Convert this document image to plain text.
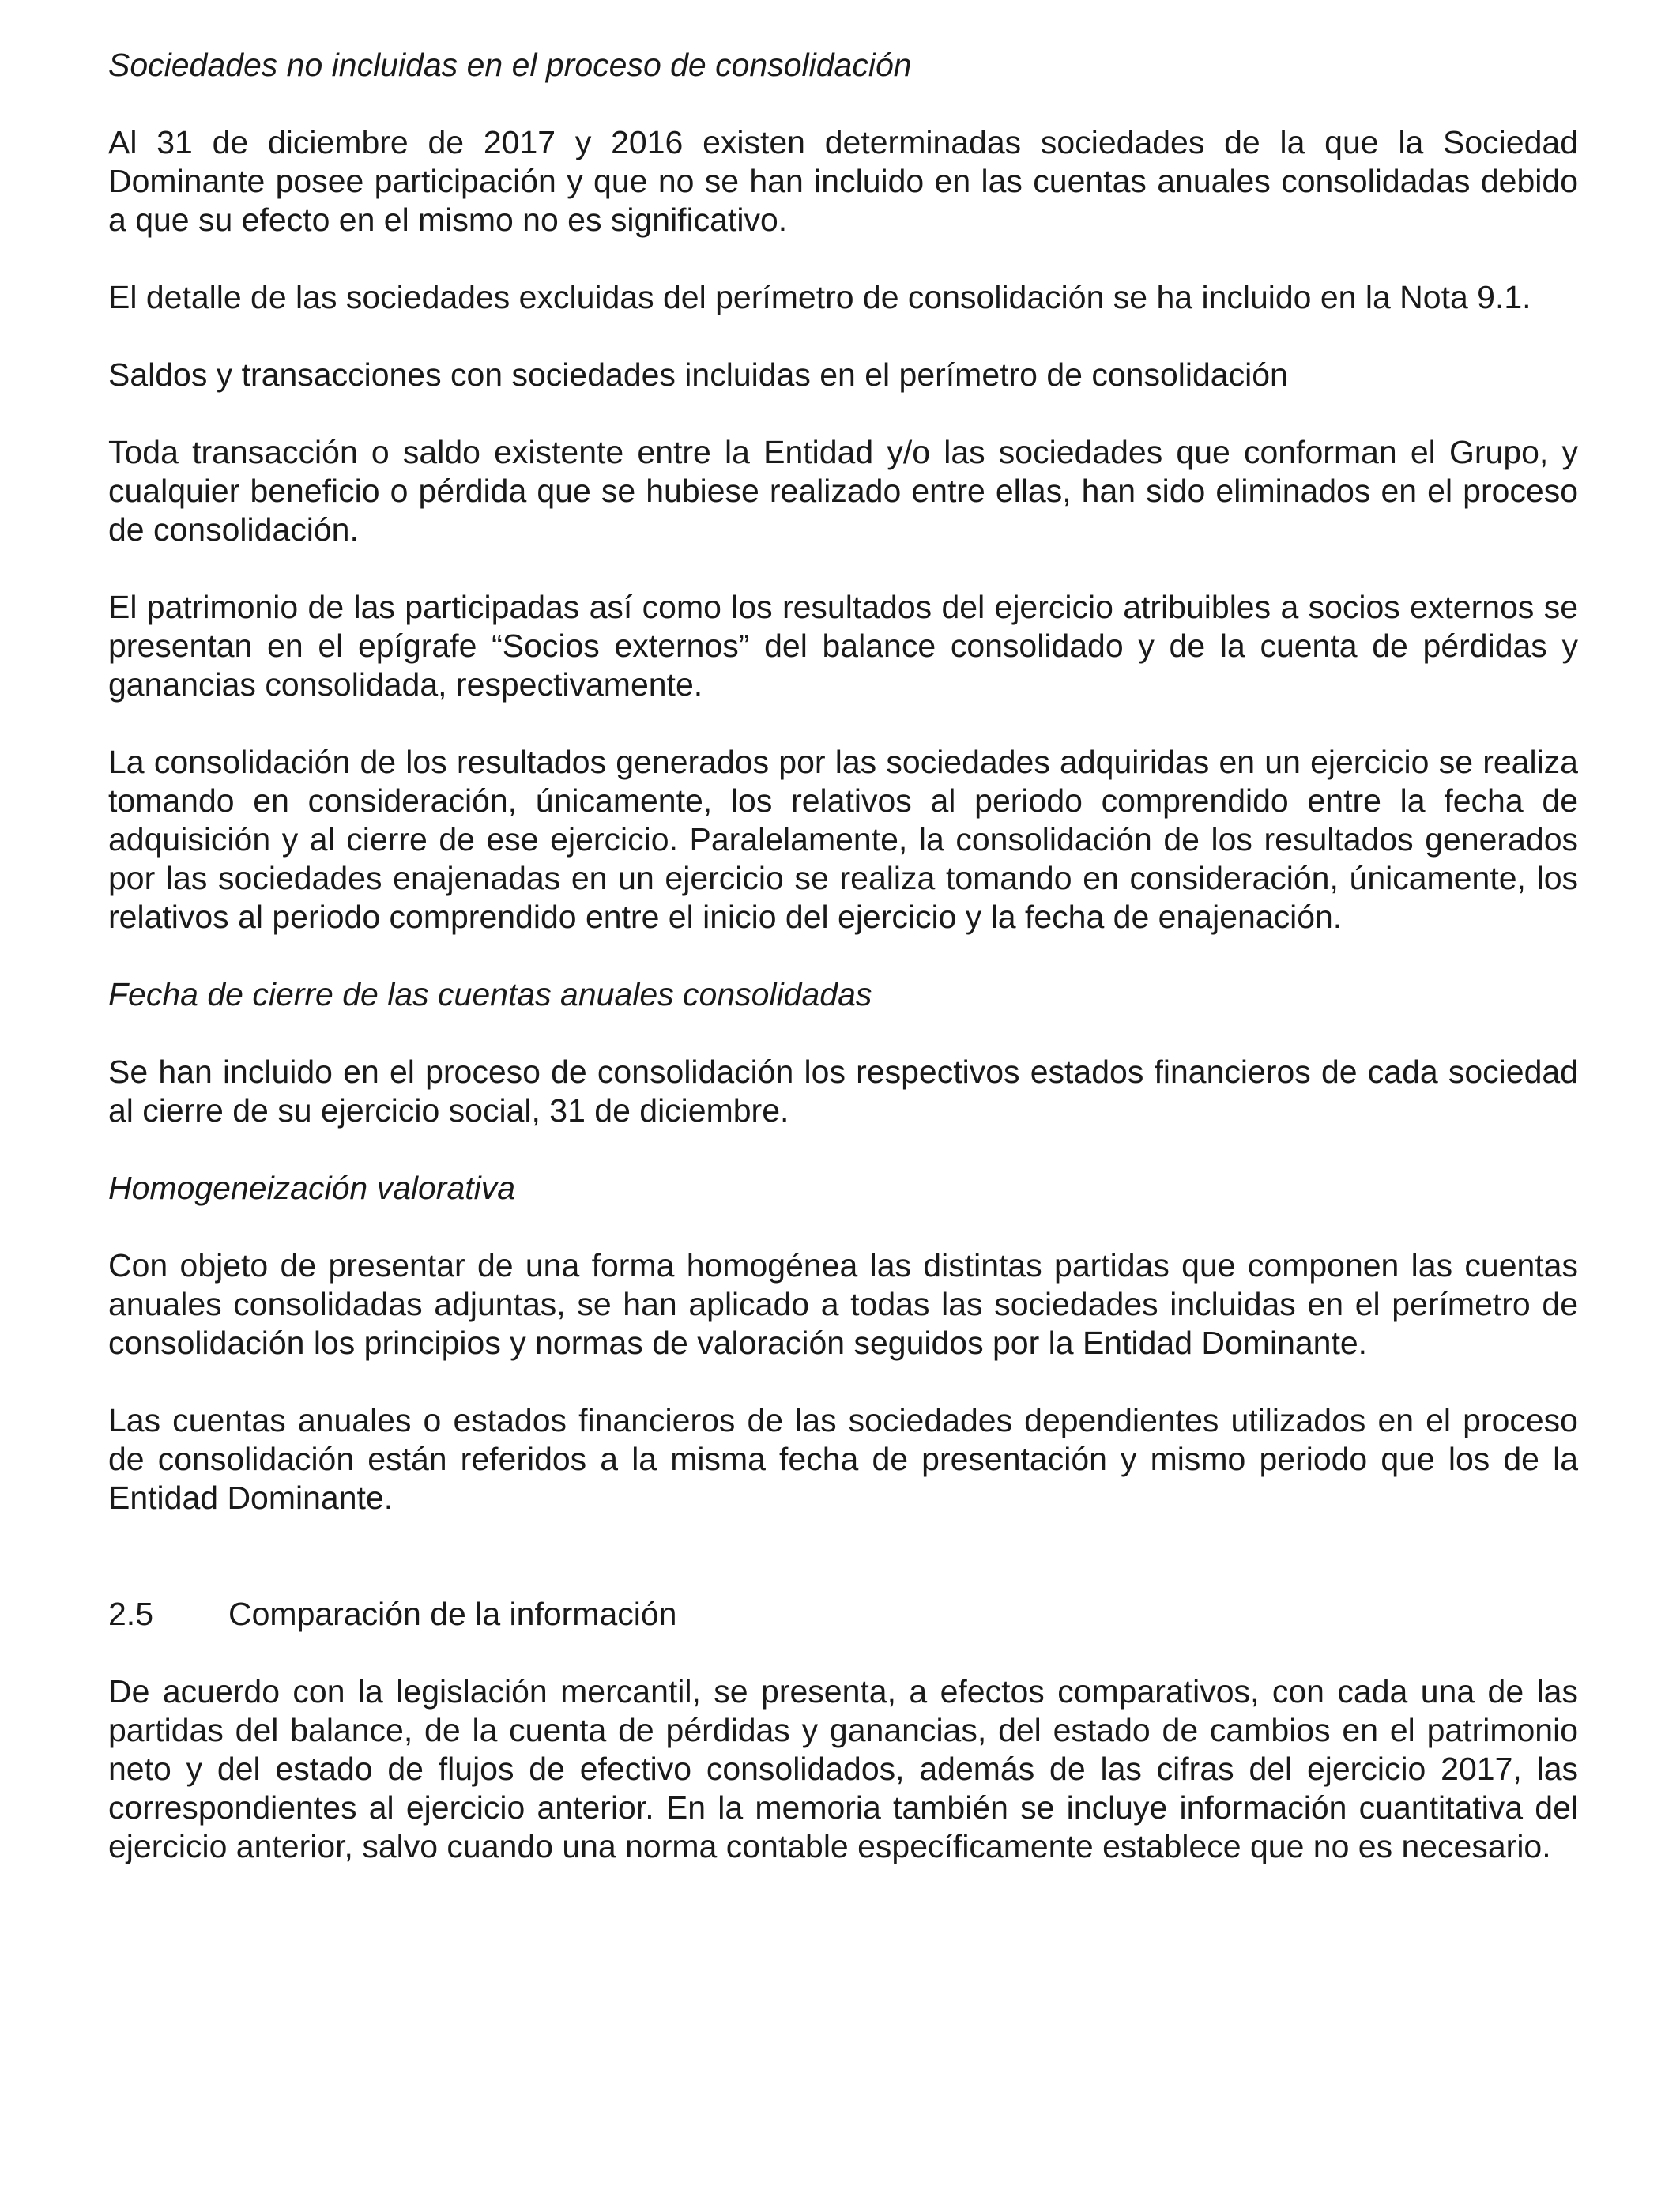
Sociedades no incluidas en el proceso de consolidación

Al 31 de diciembre de 2017 y 2016 existen determinadas sociedades de la que la Sociedad Dominante posee participación y que no se han incluido en las cuentas anuales consolidadas debido a que su efecto en el mismo no es significativo.

El detalle de las sociedades excluidas del perímetro de consolidación se ha incluido en la Nota 9.1.

Saldos y transacciones con sociedades incluidas en el perímetro de consolidación

Toda transacción o saldo existente entre la Entidad y/o las sociedades que conforman el Grupo, y cualquier beneficio o pérdida que se hubiese realizado entre ellas, han sido eliminados en el proceso de consolidación.

El patrimonio de las participadas así como los resultados del ejercicio atribuibles a socios externos se presentan en el epígrafe “Socios externos” del balance consolidado y de la cuenta de pérdidas y ganancias consolidada, respectivamente.

La consolidación de los resultados generados por las sociedades adquiridas en un ejercicio se realiza tomando en consideración, únicamente, los relativos al periodo comprendido entre la fecha de adquisición y al cierre de ese ejercicio. Paralelamente, la consolidación de los resultados generados por las sociedades enajenadas en un ejercicio se realiza tomando en consideración, únicamente, los relativos al periodo comprendido entre el inicio del ejercicio y la fecha de enajenación.

Fecha de cierre de las cuentas anuales consolidadas

Se han incluido en el proceso de consolidación los respectivos estados financieros de cada sociedad al cierre de su ejercicio social, 31 de diciembre.

Homogeneización valorativa

Con objeto de presentar de una forma homogénea las distintas partidas que componen las cuentas anuales consolidadas adjuntas, se han aplicado a todas las sociedades incluidas en el perímetro de consolidación los principios y normas de valoración seguidos por la Entidad Dominante.

Las cuentas anuales o estados financieros de las sociedades dependientes utilizados en el proceso de consolidación están referidos a la misma fecha de presentación y mismo periodo que los de la Entidad Dominante.

2.5	Comparación de la información

De acuerdo con la legislación mercantil, se presenta, a efectos comparativos, con cada una de las partidas del balance, de la cuenta de pérdidas y ganancias, del estado de cambios en el patrimonio neto y del estado de flujos de efectivo consolidados, además de las cifras del ejercicio 2017, las correspondientes al ejercicio anterior. En la memoria también se incluye información cuantitativa del ejercicio anterior, salvo cuando una norma contable específicamente establece que no es necesario.
